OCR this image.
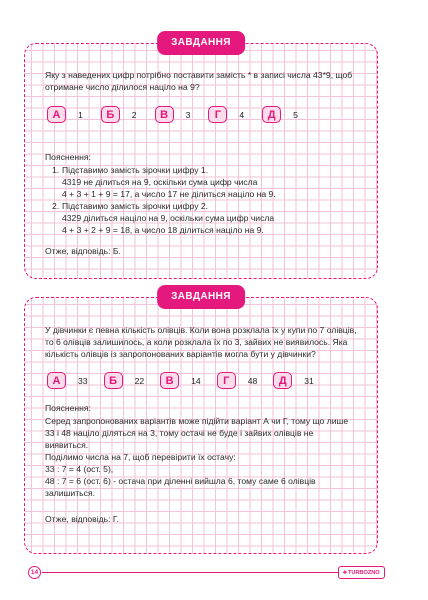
ЗАВДАННЯ
Яку з наведених цифр потрібно поставити замість * в записі числа 43*9, щоб отримане число ділилося націло на 9?
А	1	Б	2	В	3	Г	4	Д	5
Пояснення:
1. Підставимо замість зірочки цифру 1.
4319 не ділиться на 9, оскільки сума цифр числа
4 + 3 + 1 + 9 = 17, а число 17 не ділиться націло на 9.
2. Підставимо замість зірочки цифру 2.
4329 ділиться націло на 9, оскільки сума цифр числа
4 + 3 + 2 + 9 = 18, а число 18 ділиться націло на 9.
Отже, відповідь: Б.
ЗАВДАННЯ
У дівчинки є певна кількість олівців. Коли вона розклала їх у купи по 7 олівців, то 6 олівців залишилось, а коли розклала їх по 3, зайвих не виявилось. Яка кількість олівців із запропонованих варіантів могла бути у дівчинки?
А	33	Б	22	В	14	Г	48	Д	31
Пояснення:
Серед запропонованих варіантів може підійти варіант А чи Г, тому що лише
33 і 48 націло діляться на 3, тому остачі не буде і зайвих олівців не
виявиться.
Поділимо числа на 7, щоб перевірити їх остачу:
33 : 7 = 4 (ост. 5),
48 : 7 = 6 (ост. 6) - остача при діленні вийшла 6, тому саме 6 олівців
залишиться.
Отже, відповідь: Г.
14	♣ TURBOZNO
